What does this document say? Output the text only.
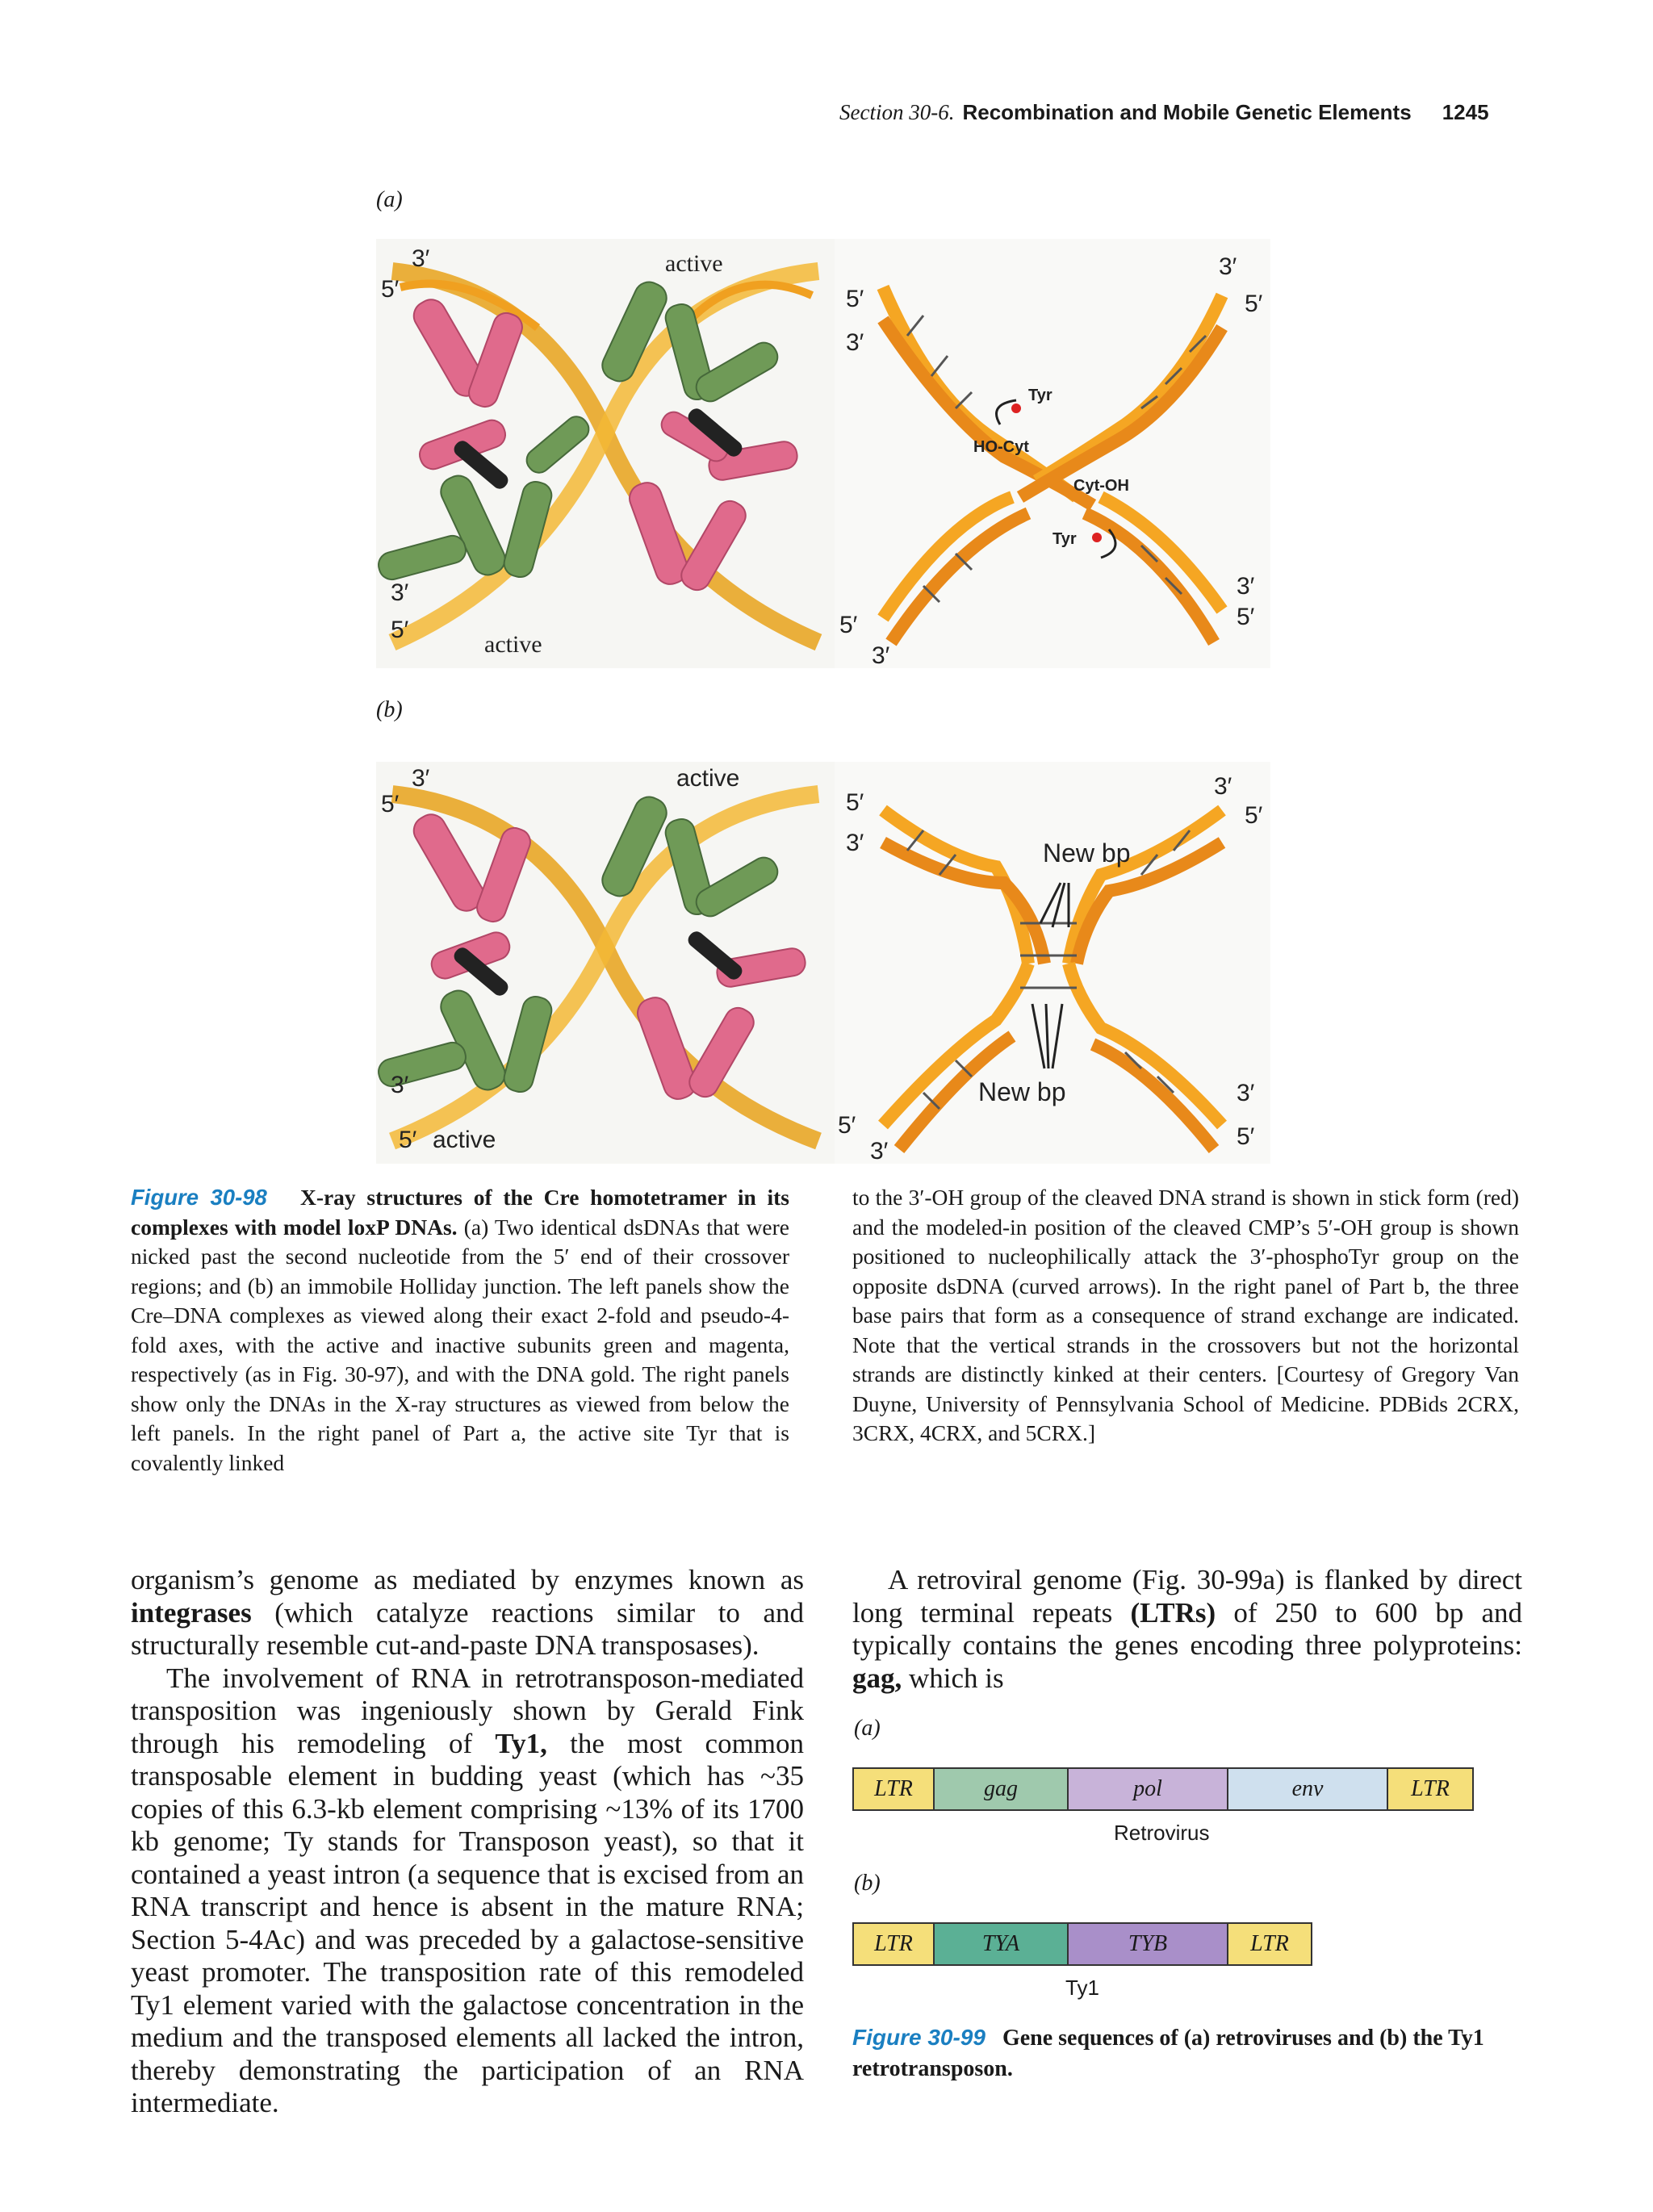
Section 30-6. Recombination and Mobile Genetic Elements 1245
(a)
(b)
3′
5′
active
3′
5′
active
5′
3′
3′
5′
Tyr
HO-Cyt
Cyt-OH
Tyr
3′
5′
5′
3′
3′
5′
active
3′
5′ active
5′
3′
3′
5′
New bp
New bp	3′
5′
5′
3′
Figure 30-98 X-ray structures of the Cre homotetramer in its complexes with model loxP DNAs. (a) Two identical dsDNAs that were nicked past the second nucleotide from the 5′ end of their crossover regions; and (b) an immobile Holliday junction. The left panels show the Cre–DNA complexes as viewed along their exact 2-fold and pseudo-4-fold axes, with the active and inactive subunits green and magenta, respectively (as in Fig. 30-97), and with the DNA gold. The right panels show only the DNAs in the X-ray structures as viewed from below the left panels. In the right panel of Part a, the active site Tyr that is covalently linked
to the 3′-OH group of the cleaved DNA strand is shown in stick form (red) and the modeled-in position of the cleaved CMP’s 5′-OH group is shown positioned to nucleophilically attack the 3′-phosphoTyr group on the opposite dsDNA (curved arrows). In the right panel of Part b, the three base pairs that form as a consequence of strand exchange are indicated. Note that the vertical strands in the crossovers but not the horizontal strands are distinctly kinked at their centers. [Courtesy of Gregory Van Duyne, University of Pennsylvania School of Medicine. PDBids 2CRX, 3CRX, 4CRX, and 5CRX.]

organism’s genome as mediated by enzymes known as integrases (which catalyze reactions similar to and structurally resemble cut-and-paste DNA transposases).

The involvement of RNA in retrotransposon-mediated transposition was ingeniously shown by Gerald Fink through his remodeling of Ty1, the most common transposable element in budding yeast (which has ~35 copies of this 6.3-kb element comprising ~13% of its 1700 kb genome; Ty stands for Transposon yeast), so that it contained a yeast intron (a sequence that is excised from an RNA transcript and hence is absent in the mature RNA; Section 5-4Ac) and was preceded by a galactose-sensitive yeast promoter. The transposition rate of this remodeled Ty1 element varied with the galactose concentration in the medium and the transposed elements all lacked the intron, thereby demonstrating the participation of an RNA intermediate.

A retroviral genome (Fig. 30-99a) is flanked by direct long terminal repeats (LTRs) of 250 to 600 bp and typically contains the genes encoding three polyproteins: gag, which is

(a)
LTR	gag	pol	env	LTR
Retrovirus
(b)
LTR	TYA	TYB	LTR
Ty1
Figure 30-99 Gene sequences of (a) retroviruses and (b) the Ty1 retrotransposon.
